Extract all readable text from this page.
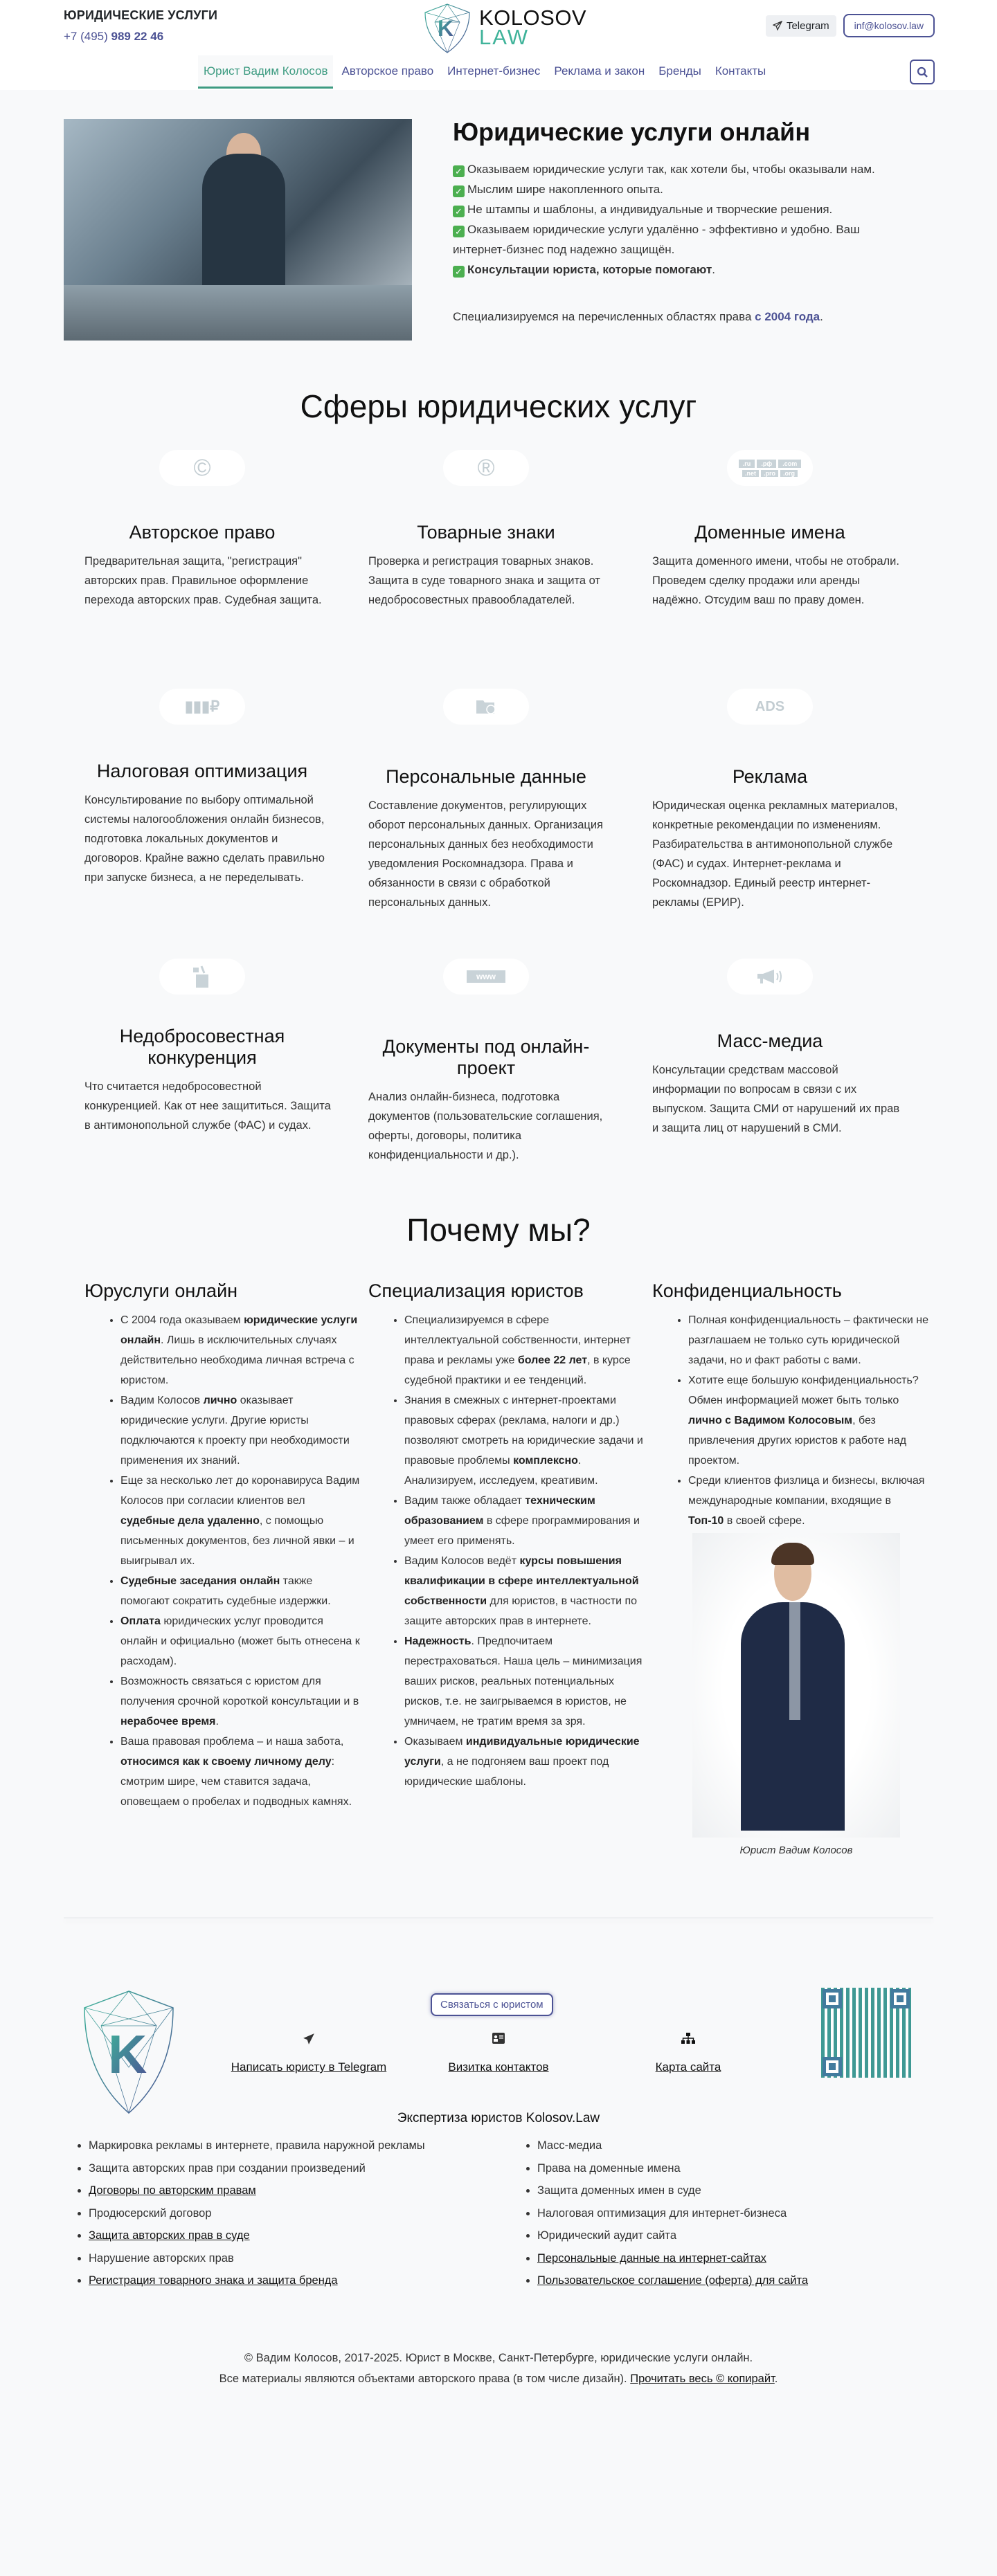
ЮРИДИЧЕСКИЕ УСЛУГИ
+7 (495) 989 22 46	K KOLOSOV
LAW	Telegram	inf@kolosov.law
Юрист Вадим Колосов	Авторское право	Интернет-бизнес	Реклама и закон	Бренды	Контакты
Юридические услуги онлайн
✓ Оказываем юридические услуги так, как хотели бы, чтобы оказывали нам.
✓ Мыслим шире накопленного опыта.
✓ Не штампы и шаблоны, а индивидуальные и творческие решения.
✓ Оказываем юридические услуги удалённо - эффективно и удобно. Ваш интернет-бизнес под надежно защищён.
✓ Консультации юриста, которые помогают.
Специализируемся на перечисленных областях права с 2004 года.
Сферы юридических услуг
©
Авторское право
Предварительная защита, "регистрация" авторских прав. Правильное оформление перехода авторских прав. Судебная защита.
®
Товарные знаки
Проверка и регистрация товарных знаков. Защита в суде товарного знака и защита от недобросовестных правообладателей.
.ru	.рф	.com
.net	.pro	.org
Доменные имена
Защита доменного имени, чтобы не отобрали. Проведем сделку продажи или аренды надёжно. Отсудим ваш по праву домен.
▮▮▮₽
Налоговая оптимизация
Консультирование по выбору оптимальной системы налогообложения онлайн бизнесов, подготовка локальных документов и договоров. Крайне важно сделать правильно при запуске бизнеса, а не переделывать.
Персональные данные
Составление документов, регулирующих оборот персональных данных. Организация персональных данных без необходимости уведомления Роскомнадзора. Права и обязанности в связи с обработкой персональных данных.
ADS
Реклама
Юридическая оценка рекламных материалов, конкретные рекомендации по изменениям. Разбирательства в антимонопольной службе (ФАС) и судах. Интернет-реклама и Роскомнадзор. Единый реестр интернет-рекламы (ЕРИР).
Недобросовестная конкуренция
Что считается недобросовестной конкуренцией. Как от нее защититься. Защита в антимонопольной службе (ФАС) и судах.
www
Документы под онлайн-проект
Анализ онлайн-бизнеса, подготовка документов (пользовательские соглашения, оферты, договоры, политика конфиденциальности и др.).
Масс-медиа
Консультации средствам массовой информации по вопросам в связи с их выпуском. Защита СМИ от нарушений их прав и защита лиц от нарушений в СМИ.
Почему мы?
Юруслуги онлайн
• С 2004 года оказываем юридические услуги онлайн. Лишь в исключительных случаях действительно необходима личная встреча с юристом.
• Вадим Колосов лично оказывает юридические услуги. Другие юристы подключаются к проекту при необходимости применения их знаний.
• Еще за несколько лет до коронавируса Вадим Колосов при согласии клиентов вел судебные дела удаленно, с помощью письменных документов, без личной явки – и выигрывал их.
• Судебные заседания онлайн также помогают сократить судебные издержки.
• Оплата юридических услуг проводится онлайн и официально (может быть отнесена к расходам).
• Возможность связаться с юристом для получения срочной короткой консультации и в нерабочее время.
• Ваша правовая проблема – и наша забота, относимся как к своему личному делу: смотрим шире, чем ставится задача, оповещаем о пробелах и подводных камнях.
Специализация юристов
• Специализируемся в сфере интеллектуальной собственности, интернет права и рекламы уже более 22 лет, в курсе судебной практики и ее тенденций.
• Знания в смежных с интернет-проектами правовых сферах (реклама, налоги и др.) позволяют смотреть на юридические задачи и правовые проблемы комплексно. Анализируем, исследуем, креативим.
• Вадим также обладает техническим образованием в сфере программирования и умеет его применять.
• Вадим Колосов ведёт курсы повышения квалификации в сфере интеллектуальной собственности для юристов, в частности по защите авторских прав в интернете.
• Надежность. Предпочитаем перестраховаться. Наша цель – минимизация ваших рисков, реальных потенциальных рисков, т.е. не заигрываемся в юристов, не умничаем, не тратим время за зря.
• Оказываем индивидуальные юридические услуги, а не подгоняем ваш проект под юридические шаблоны.
Конфиденциальность
• Полная конфиденциальность – фактически не разглашаем не только суть юридической задачи, но и факт работы с вами.
• Хотите еще большую конфиденциальность? Обмен информацией может быть только лично с Вадимом Колосовым, без привлечения других юристов к работе над проектом.
• Среди клиентов физлица и бизнесы, включая международные компании, входящие в Топ-10 в своей сфере.
Юрист Вадим Колосов
K
Связаться с юристом
Написать юристу в Telegram	Визитка контактов	Карта сайта
Экспертиза юристов Kolosov.Law
• Маркировка рекламы в интернете, правила наружной рекламы
• Защита авторских прав при создании произведений
• Договоры по авторским правам
• Продюсерский договор
• Защита авторских прав в суде
• Нарушение авторских прав
• Регистрация товарного знака и защита бренда
• Масс-медиа
• Права на доменные имена
• Защита доменных имен в суде
• Налоговая оптимизация для интернет-бизнеса
• Юридический аудит сайта
• Персональные данные на интернет-сайтах
• Пользовательское соглашение (оферта) для сайта
© Вадим Колосов, 2017-2025. Юрист в Москве, Санкт-Петербурге, юридические услуги онлайн.
Все материалы являются объектами авторского права (в том числе дизайн). Прочитать весь © копирайт.
